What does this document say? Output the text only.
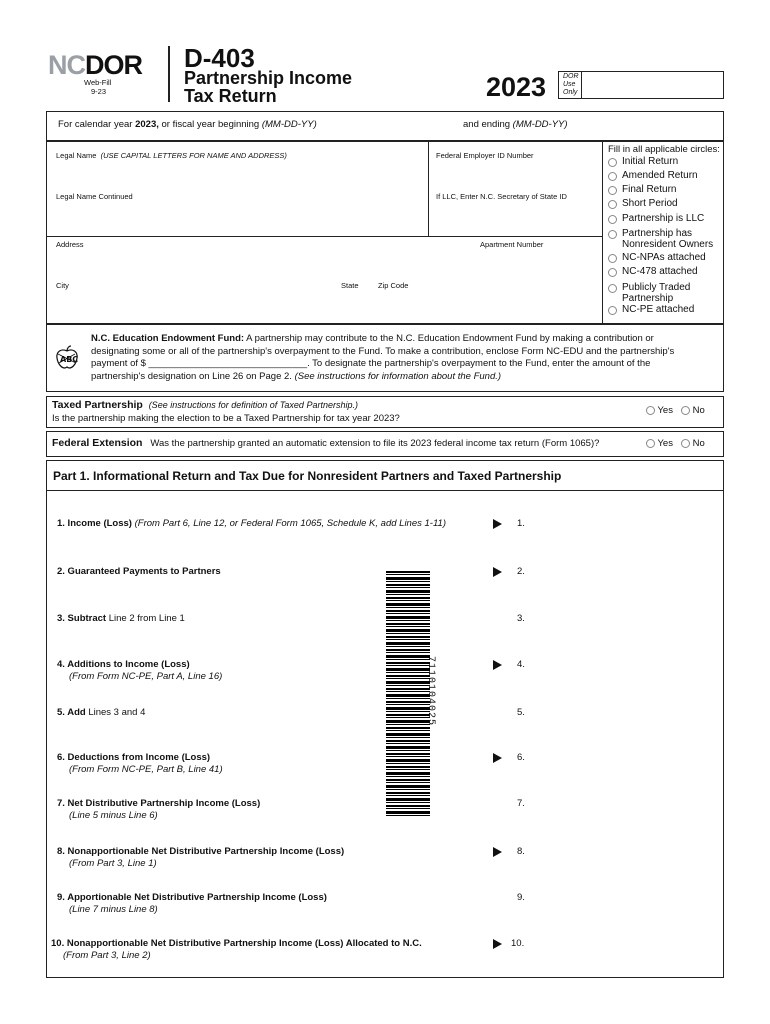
NCDOR
Web-Fill
9-23
D-403
Partnership Income
Tax Return	2023 DOR
Use
Only
For calendar year 2023, or fiscal year beginning (MM-DD-YY)	and ending (MM-DD-YY)
Legal Name (USE CAPITAL LETTERS FOR NAME AND ADDRESS)	Federal Employer ID Number
Legal Name Continued	If LLC, Enter N.C. Secretary of State ID
Address	Apartment Number
City	State	Zip Code
Fill in all applicable circles:
Initial Return
Amended Return
Final Return
Short Period
Partnership is LLC
Partnership has Nonresident Owners
NC-NPAs attached
NC-478 attached
Publicly Traded Partnership
NC-PE attached
ABC
N.C. Education Endowment Fund: A partnership may contribute to the N.C. Education Endowment Fund by making a contribution or
designating some or all of the partnership's overpayment to the Fund. To make a contribution, enclose Form NC-EDU and the partnership's
payment of $ ______________________________. To designate the partnership's overpayment to the Fund, enter the amount of the
partnership's designation on Line 26 on Page 2. (See instructions for information about the Fund.)
Taxed Partnership (See instructions for definition of Taxed Partnership.)
Is the partnership making the election to be a Taxed Partnership for tax year 2023?
Yes	No
Federal Extension Was the partnership granted an automatic extension to file its 2023 federal income tax return (Form 1065)?	Yes	No
Part 1. Informational Return and Tax Due for Nonresident Partners and Taxed Partnership
1. Income (Loss) (From Part 6, Line 12, or Federal Form 1065, Schedule K, add Lines 1-11)	1.
2. Guaranteed Payments to Partners	2.
3. Subtract Line 2 from Line 1	3.
4. Additions to Income (Loss)
(From Form NC-PE, Part A, Line 16)
4.
5. Add Lines 3 and 4	5.
6. Deductions from Income (Loss)
(From Form NC-PE, Part B, Line 41)
6.
7. Net Distributive Partnership Income (Loss)
(Line 5 minus Line 6)
7.
8. Nonapportionable Net Distributive Partnership Income (Loss)
(From Part 3, Line 1)
8.
9. Apportionable Net Distributive Partnership Income (Loss)
(Line 7 minus Line 8)
9.
10. Nonapportionable Net Distributive Partnership Income (Loss) Allocated to N.C.
(From Part 3, Line 2)
10.
7110104025
